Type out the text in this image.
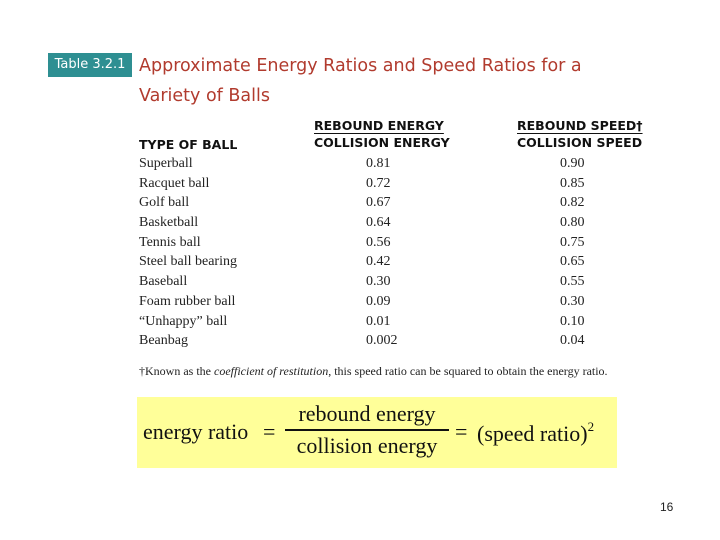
Table 3.2.1 Approximate Energy Ratios and Speed Ratios for a Variety of Balls
TYPE OF BALL
REBOUND ENERGY
COLLISION ENERGY
REBOUND SPEED†
COLLISION SPEED
Superball	0.81	0.90
Racquet ball	0.72	0.85
Golf ball	0.67	0.82
Basketball	0.64	0.80
Tennis ball	0.56	0.75
Steel ball bearing	0.42	0.65
Baseball	0.30	0.55
Foam rubber ball	0.09	0.30
“Unhappy” ball	0.01	0.10
Beanbag	0.002	0.04
†Known as the coefficient of restitution, this speed ratio can be squared to obtain the energy ratio.
energy ratio =
rebound energy
collision energy
= (speed ratio)$^2$
16
